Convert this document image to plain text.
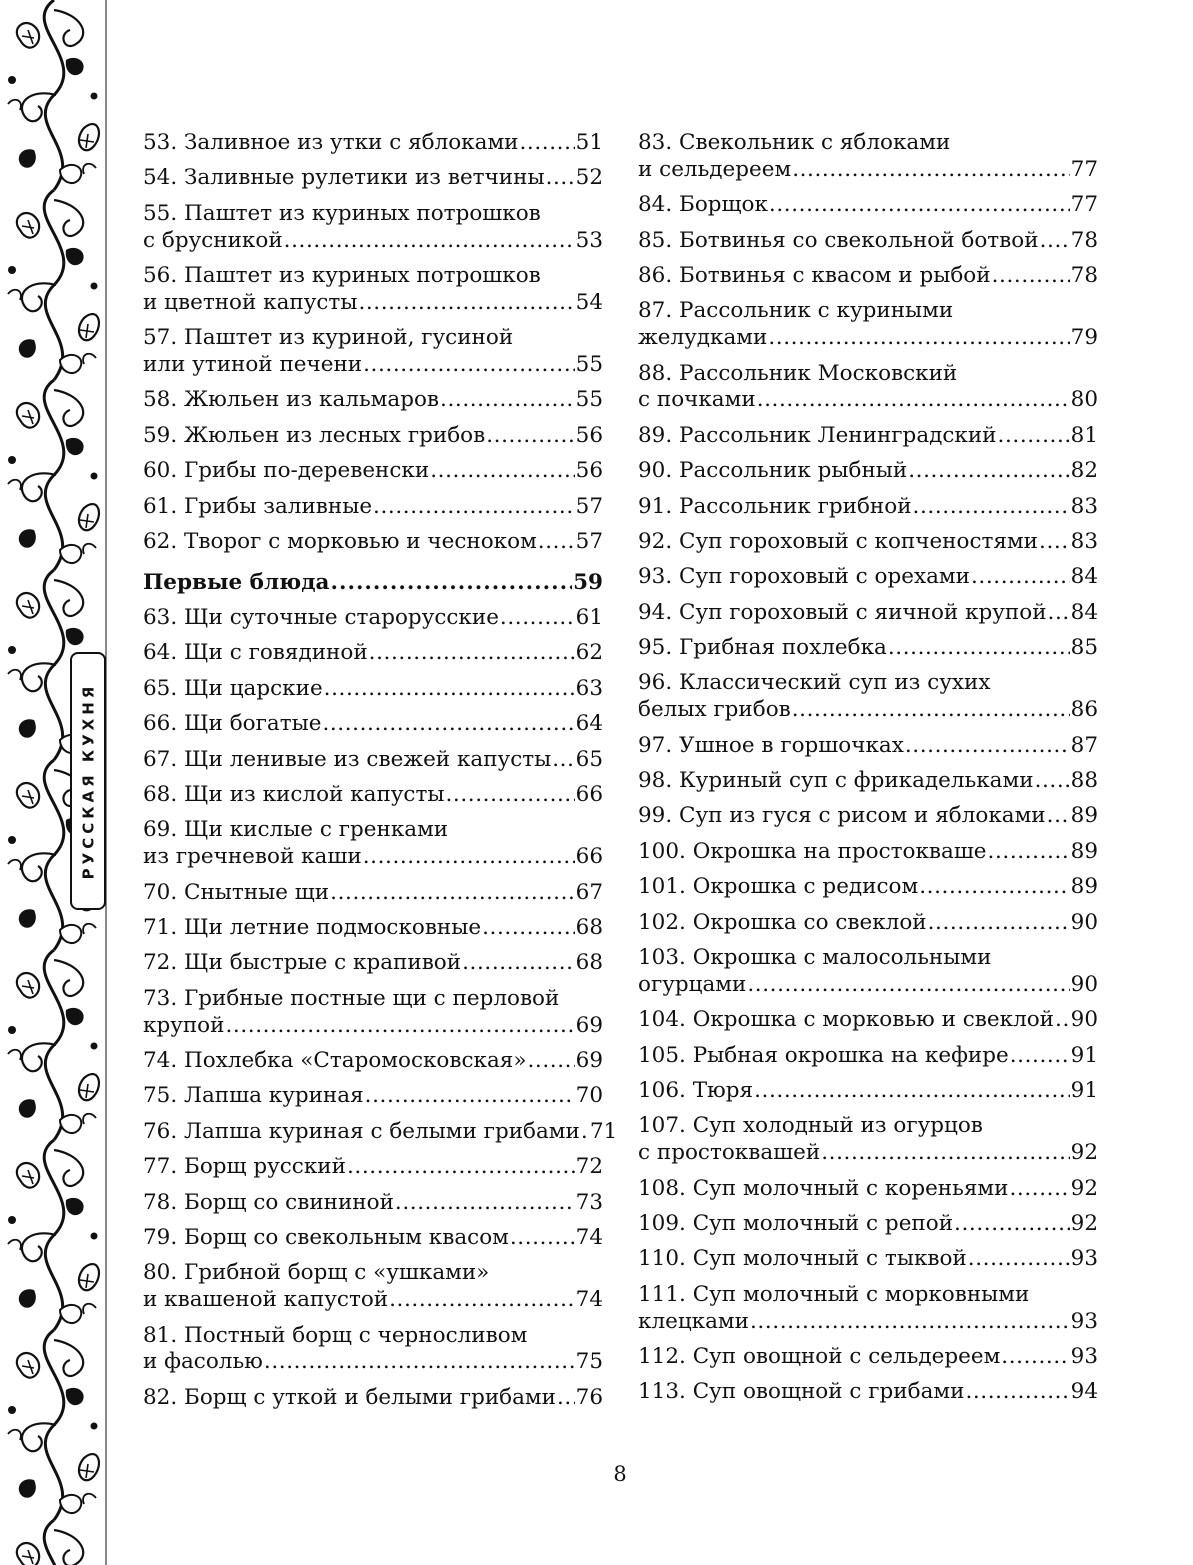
РУССКАЯ КУХНЯ
53. Заливное из утки с яблоками .....	51
54. Заливные рулетики из ветчины ..... 52
55. Паштет из куриных потрошков
с брусникой .....	53
56. Паштет из куриных потрошков
и цветной капусты .....	54
57. Паштет из куриной, гусиной
или утиной печени .....	55
58. Жюльен из кальмаров .....	55
59. Жюльен из лесных грибов .....	56
60. Грибы по-деревенски .....	56
61. Грибы заливные .....	57
62. Творог с морковью и чесноком ..... 57
Первые блюда .....	59
63. Щи суточные старорусские .....	61
64. Щи с говядиной .....	62
65. Щи царские .....	63
66. Щи богатые .....	64
67. Щи ленивые из свежей капусты ..... 65
68. Щи из кислой капусты .....	66
69. Щи кислые с гренками
из гречневой каши .....	66
70. Снытные щи .....	67
71. Щи летние подмосковные .....	68
72. Щи быстрые с крапивой .....	68
73. Грибные постные щи с перловой
крупой .....	69
74. Похлебка «Старомосковская» ..... 69
75. Лапша куриная .....	70
76. Лапша куриная с белыми грибами ..... 71
77. Борщ русский .....	72
78. Борщ со свининой .....	73
79. Борщ со свекольным квасом .....	74
80. Грибной борщ с «ушками»
и квашеной капустой .....	74
81. Постный борщ с черносливом
и фасолью .....	75
82. Борщ с уткой и белыми грибами ..... 76
83. Свекольник с яблоками
и сельдереем .....	77
84. Борщок .....	77
85. Ботвинья со свекольной ботвой ..... 78
86. Ботвинья с квасом и рыбой .....	78
87. Рассольник с куриными
желудками .....	79
88. Рассольник Московский
с почками .....	80
89. Рассольник Ленинградский .....	81
90. Рассольник рыбный .....	82
91. Рассольник грибной .....	83
92. Суп гороховый с копченостями ..... 83
93. Суп гороховый с орехами .....	84
94. Суп гороховый с яичной крупой ..... 84
95. Грибная похлебка .....	85
96. Классический суп из сухих
белых грибов .....	86
97. Ушное в горшочках .....	87
98. Куриный суп с фрикадельками ..... 88
99. Суп из гуся с рисом и яблоками ..... 89
100. Окрошка на простокваше .....	89
101. Окрошка с редисом .....	89
102. Окрошка со свеклой .....	90
103. Окрошка с малосольными
огурцами .....	90
104. Окрошка с морковью и свеклой ..... 90
105. Рыбная окрошка на кефире .....	91
106. Тюря .....	91
107. Суп холодный из огурцов
с простоквашей .....	92
108. Суп молочный с кореньями .....	92
109. Суп молочный с репой .....	92
110. Суп молочный с тыквой .....	93
111. Суп молочный с морковными
клецками .....	93
112. Суп овощной с сельдереем .....	93
113. Суп овощной с грибами .....	94
8
